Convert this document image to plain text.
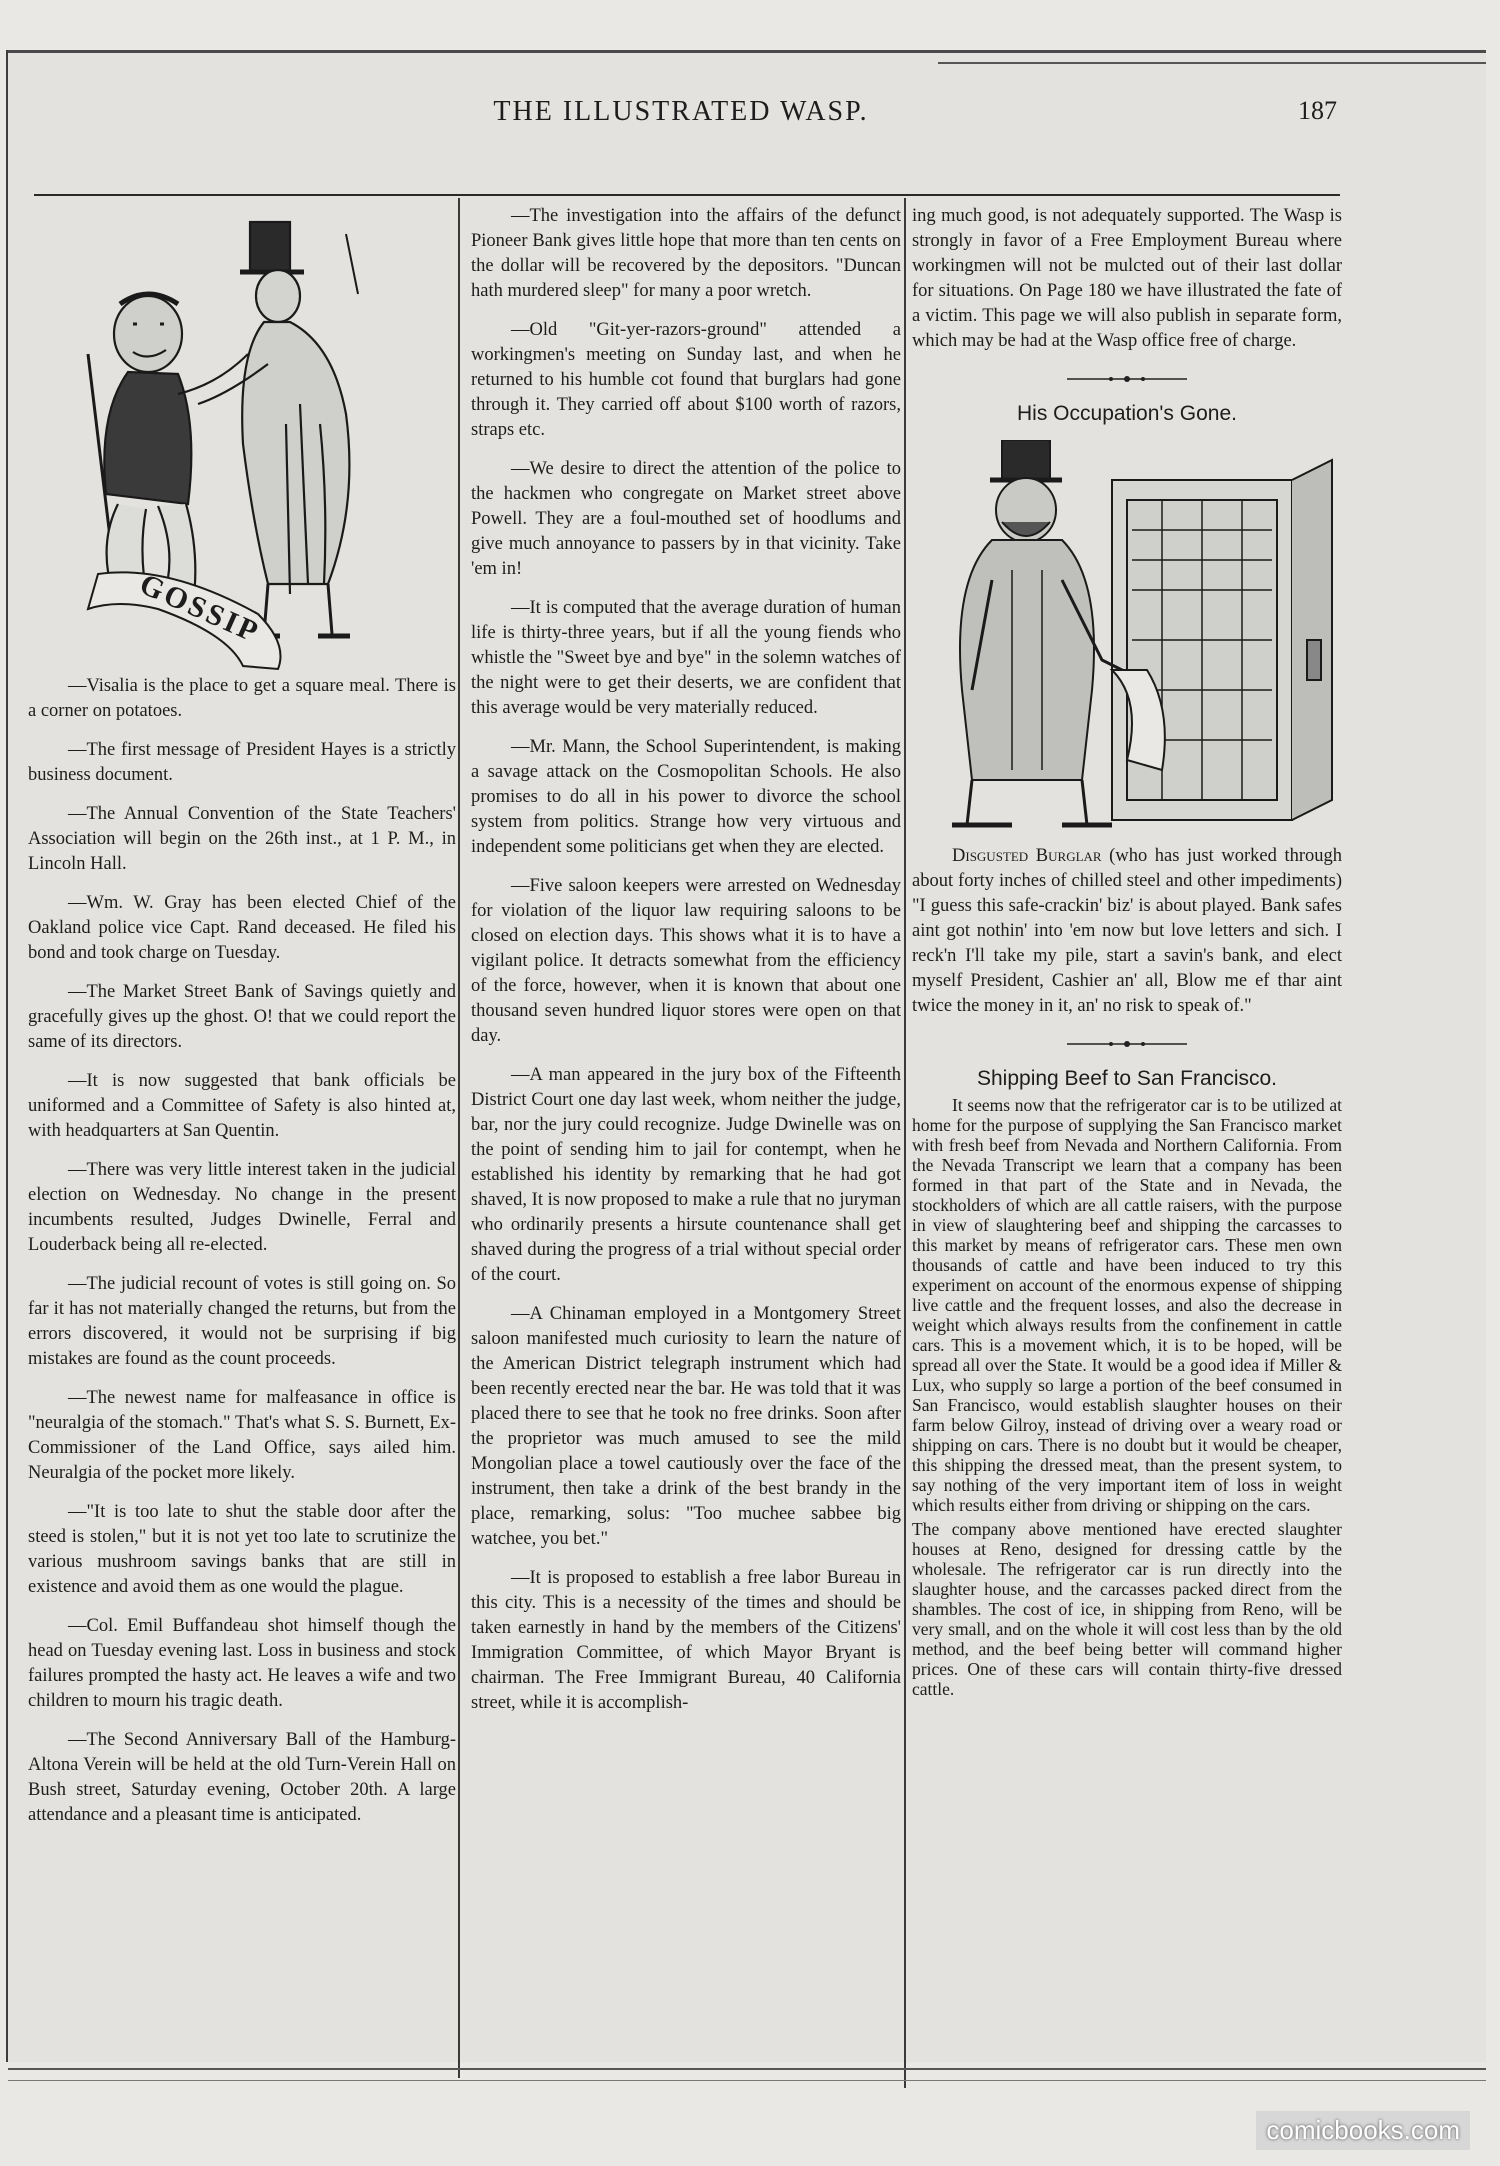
THE ILLUSTRATED WASP.	187
GOSSIP

—Visalia is the place to get a square meal. There is a corner on potatoes.

—The first message of President Hayes is a strictly business document.

—The Annual Convention of the State Teachers' Association will begin on the 26th inst., at 1 P. M., in Lincoln Hall.

—Wm. W. Gray has been elected Chief of the Oakland police vice Capt. Rand deceased. He filed his bond and took charge on Tuesday.

—The Market Street Bank of Savings quietly and gracefully gives up the ghost. O! that we could report the same of its directors.

—It is now suggested that bank officials be uniformed and a Committee of Safety is also hinted at, with headquarters at San Quentin.

—There was very little interest taken in the judicial election on Wednesday. No change in the present incumbents resulted, Judges Dwinelle, Ferral and Louderback being all re-elected.

—The judicial recount of votes is still going on. So far it has not materially changed the returns, but from the errors discovered, it would not be surprising if big mistakes are found as the count proceeds.

—The newest name for malfeasance in office is "neuralgia of the stomach." That's what S. S. Burnett, Ex-Commissioner of the Land Office, says ailed him. Neuralgia of the pocket more likely.

—"It is too late to shut the stable door after the steed is stolen," but it is not yet too late to scrutinize the various mushroom savings banks that are still in existence and avoid them as one would the plague.

—Col. Emil Buffandeau shot himself though the head on Tuesday evening last. Loss in business and stock failures prompted the hasty act. He leaves a wife and two children to mourn his tragic death.

—The Second Anniversary Ball of the Hamburg-Altona Verein will be held at the old Turn-Verein Hall on Bush street, Saturday evening, October 20th. A large attendance and a pleasant time is anticipated.

—The investigation into the affairs of the defunct Pioneer Bank gives little hope that more than ten cents on the dollar will be recovered by the depositors. "Duncan hath murdered sleep" for many a poor wretch.

—Old "Git-yer-razors-ground" attended a workingmen's meeting on Sunday last, and when he returned to his humble cot found that burglars had gone through it. They carried off about $100 worth of razors, straps etc.

—We desire to direct the attention of the police to the hackmen who congregate on Market street above Powell. They are a foul-mouthed set of hoodlums and give much annoyance to passers by in that vicinity. Take 'em in!

—It is computed that the average duration of human life is thirty-three years, but if all the young fiends who whistle the "Sweet bye and bye" in the solemn watches of the night were to get their deserts, we are confident that this average would be very materially reduced.

—Mr. Mann, the School Superintendent, is making a savage attack on the Cosmopolitan Schools. He also promises to do all in his power to divorce the school system from politics. Strange how very virtuous and independent some politicians get when they are elected.

—Five saloon keepers were arrested on Wednesday for violation of the liquor law requiring saloons to be closed on election days. This shows what it is to have a vigilant police. It detracts somewhat from the efficiency of the force, however, when it is known that about one thousand seven hundred liquor stores were open on that day.

—A man appeared in the jury box of the Fifteenth District Court one day last week, whom neither the judge, bar, nor the jury could recognize. Judge Dwinelle was on the point of sending him to jail for contempt, when he established his identity by remarking that he had got shaved, It is now proposed to make a rule that no juryman who ordinarily presents a hirsute countenance shall get shaved during the progress of a trial without special order of the court.

—A Chinaman employed in a Montgomery Street saloon manifested much curiosity to learn the nature of the American District telegraph instrument which had been recently erected near the bar. He was told that it was placed there to see that he took no free drinks. Soon after the proprietor was much amused to see the mild Mongolian place a towel cautiously over the face of the instrument, then take a drink of the best brandy in the place, remarking, solus: "Too muchee sabbee big watchee, you bet."

—It is proposed to establish a free labor Bureau in this city. This is a necessity of the times and should be taken earnestly in hand by the members of the Citizens' Immigration Committee, of which Mayor Bryant is chairman. The Free Immigrant Bureau, 40 California street, while it is accomplish-

ing much good, is not adequately supported. The Wasp is strongly in favor of a Free Employment Bureau where workingmen will not be mulcted out of their last dollar for situations. On Page 180 we have illustrated the fate of a victim. This page we will also publish in separate form, which may be had at the Wasp office free of charge.

His Occupation's Gone.

Disgusted Burglar (who has just worked through about forty inches of chilled steel and other impediments) "I guess this safe-crackin' biz' is about played. Bank safes aint got nothin' into 'em now but love letters and sich. I reck'n I'll take my pile, start a savin's bank, and elect myself President, Cashier an' all, Blow me ef thar aint twice the money in it, an' no risk to speak of."

Shipping Beef to San Francisco.

It seems now that the refrigerator car is to be utilized at home for the purpose of supplying the San Francisco market with fresh beef from Nevada and Northern California. From the Nevada Transcript we learn that a company has been formed in that part of the State and in Nevada, the stockholders of which are all cattle raisers, with the purpose in view of slaughtering beef and shipping the carcasses to this market by means of refrigerator cars. These men own thousands of cattle and have been induced to try this experiment on account of the enormous expense of shipping live cattle and the frequent losses, and also the decrease in weight which always results from the confinement in cattle cars. This is a movement which, it is to be hoped, will be spread all over the State. It would be a good idea if Miller & Lux, who supply so large a portion of the beef consumed in San Francisco, would establish slaughter houses on their farm below Gilroy, instead of driving over a weary road or shipping on cars. There is no doubt but it would be cheaper, this shipping the dressed meat, than the present system, to say nothing of the very important item of loss in weight which results either from driving or shipping on the cars.

The company above mentioned have erected slaughter houses at Reno, designed for dressing cattle by the wholesale. The refrigerator car is run directly into the slaughter house, and the carcasses packed direct from the shambles. The cost of ice, in shipping from Reno, will be very small, and on the whole it will cost less than by the old method, and the beef being better will command higher prices. One of these cars will contain thirty-five dressed cattle.

comicbooks.com
